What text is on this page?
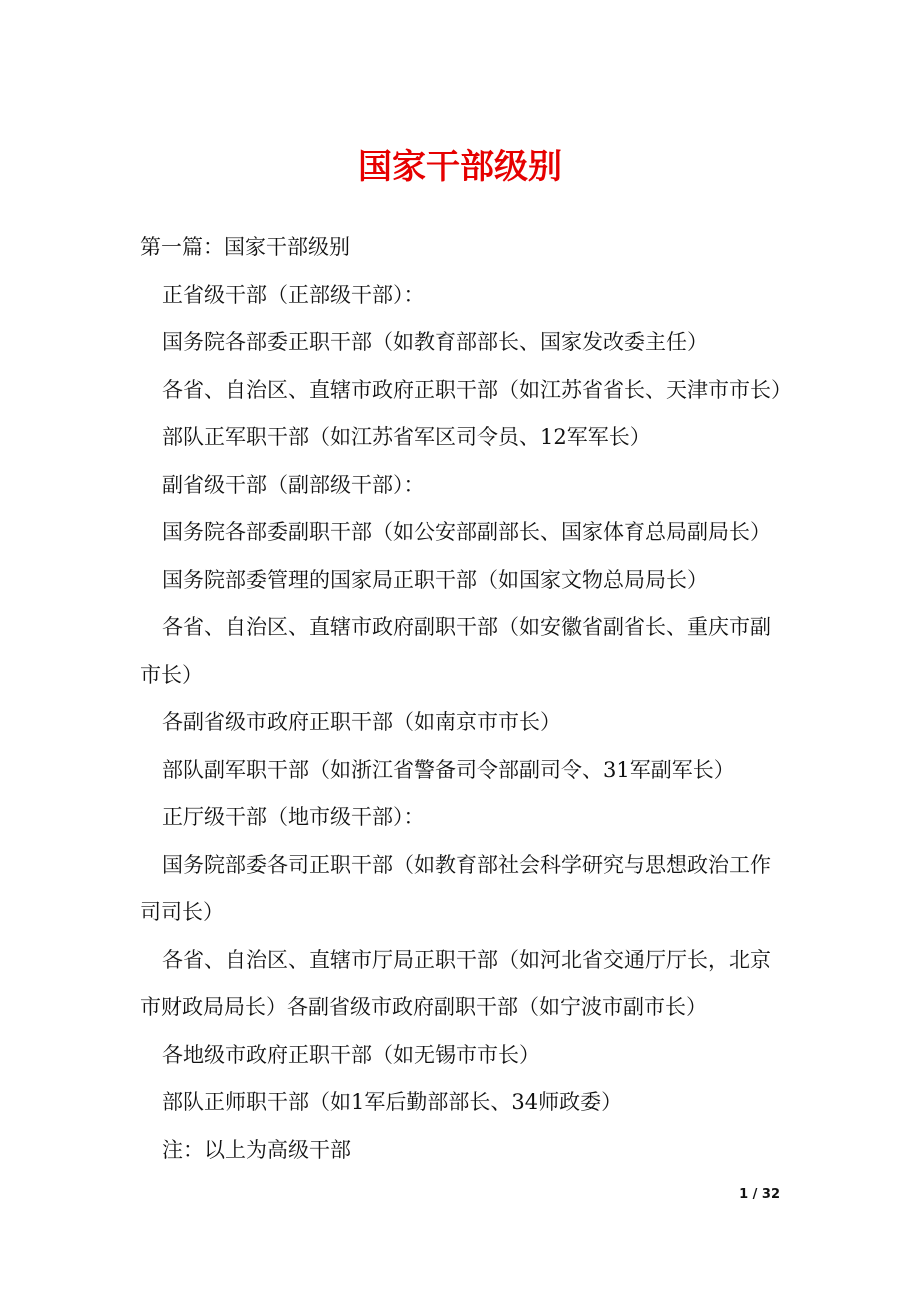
国家干部级别

第一篇：国家干部级别

正省级干部（正部级干部）：

国务院各部委正职干部（如教育部部长、国家发改委主任）

各省、自治区、直辖市政府正职干部（如江苏省省长、天津市市长）

部队正军职干部（如江苏省军区司令员、12军军长）

副省级干部（副部级干部）：

国务院各部委副职干部（如公安部副部长、国家体育总局副局长）

国务院部委管理的国家局正职干部（如国家文物总局局长）

各省、自治区、直辖市政府副职干部（如安徽省副省长、重庆市副市长）

各副省级市政府正职干部（如南京市市长）

部队副军职干部（如浙江省警备司令部副司令、31军副军长）

正厅级干部（地市级干部）：

国务院部委各司正职干部（如教育部社会科学研究与思想政治工作司司长）

各省、自治区、直辖市厅局正职干部（如河北省交通厅厅长，北京市财政局局长）各副省级市政府副职干部（如宁波市副市长）

各地级市政府正职干部（如无锡市市长）

部队正师职干部（如1军后勤部部长、34师政委）

注：以上为高级干部

1 / 32
